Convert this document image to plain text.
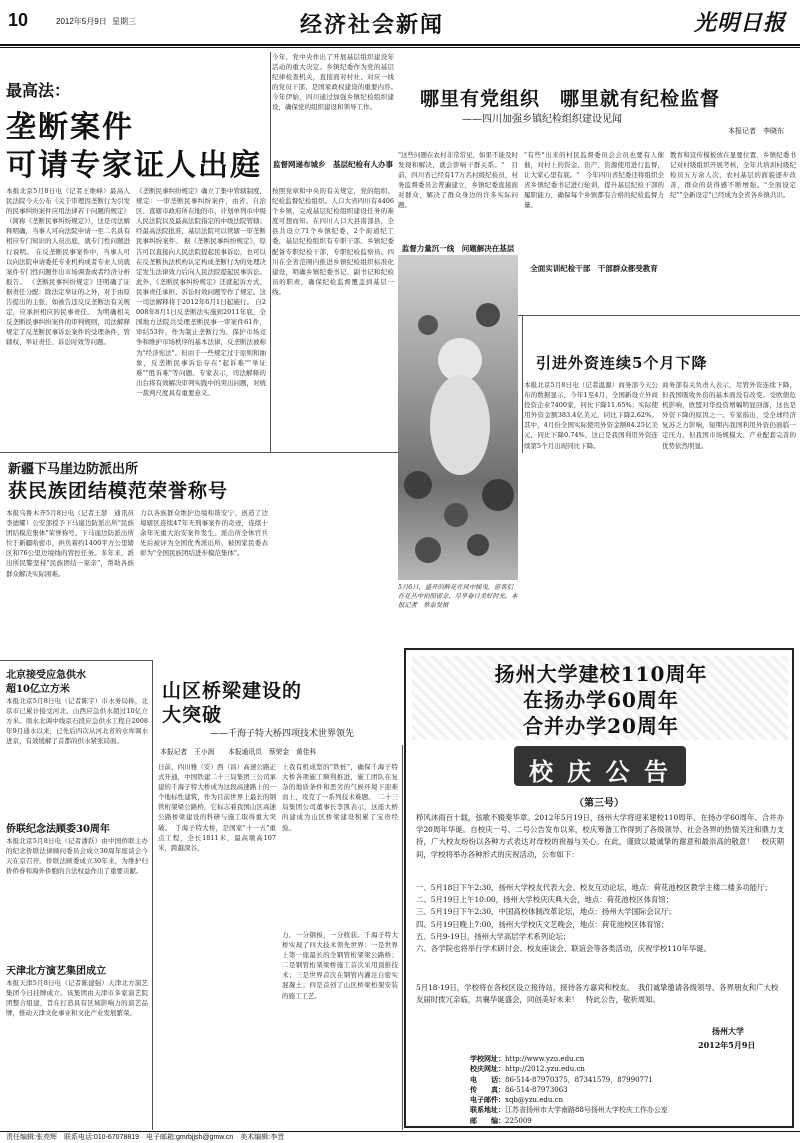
10	2012年5月9日 星期三	经济社会新闻	光明日报
今年，党中央作出了开展基层组织建设年活动的重大决定。乡镇纪委作为党的基层纪律检查机关，直接面对村社、对应一线的党员干部，是国家政权建设的重要内容。　今年伊始，四川通过加强乡镇纪检组织建设，确保党的组织建设和领导工作。
最高法：
垄断案件
可请专家证人出庭
本报北京5月8日电（记者王维峰）最高人民法院今天公布《关于审理因垄断行为引发的民事纠纷案件应用法律若干问题的规定》（简称《垄断民事纠纷规定》），这是司法解释明确，当事人可向法院申请一至二名具有相应专门知识的人员出庭，就专门性问题进行说明。 在反垄断民事案件中，当事人可以向法院申请委托专业机构或者专业人员就案件专门性问题作出市场调查或者经济分析报告。 《垄断民事纠纷规定》还明确了证据责任分配：除法定举证的之外，对于由原告提出的主张，如被告违反反垄断法有关规定，应承担相应的民事责任。 为明确相关反垄断民事纠纷案件的审判规则，司法解释规定了反垄断民事诉讼案件的受理条件、管辖权、举证责任、诉讼时效等问题。
《垄断民事纠纷规定》确立了集中管辖制度，规定：一审垄断民事纠纷案件，由省、自治区、直辖市政府所在地的市、计划单列市中级人民法院以及最高法院指定的中级法院管辖；经最高法院批准，基层法院可以管辖一审垄断民事纠纷案件。 据《垄断民事纠纷规定》，原告可以直接向人民法院提起民事诉讼，也可以在反垄断执法机构认定构成垄断行为的处理决定发生法律效力后向人民法院提起民事诉讼。 此外，《垄断民事纠纷规定》还就起诉方式、民事责任承担、诉讼时效问题等作了规定。这一司法解释将于2012年6月1日起施行。 自2008年8月1日反垄断法实施到2011年底，全国地方法院共受理垄断民事一审案件61件，审结53件，作为制止垄断行为、保护市场竞争和维护市场秩序的基本法律，反垄断法被称为"经济宪法"。但由于一些规定过于原则和抽象，反垄断民事诉讼存在"起诉难""举证难""胜诉难"等问题。专家表示，司法解释的出台将有效解决审判实践中的突出问题，对统一裁判尺度具有重要意义。
按照党章和中央的有关规定，党的组织、纪检监督纪检组织。人口大省四川有4406个乡镇，完成基层纪检组织建设任务的难度可想而知。在四川人口大县南部县，全县共设立71个乡镇纪委，2个街道纪工委，基层纪检组织有专职干部。乡镇纪委配备专职纪检干部，专职纪检监察员。四川在全省范围内推进乡镇纪检组织标准化建设，明确乡镇纪委书记、副书记和纪检员的职责，确保纪检监督覆盖到基层一线。
监督网递布城乡　基层纪检有人办事
监督力量沉一线　问题解决在基层
全面实训纪检干部　干部群众都受教育
哪里有党组织　哪里就有纪检监督
——四川加强乡镇纪检组织建设见闻
本报记者　李晓东
"这些问题在农村非常常见，如果不能及时发现和解决，就会影响干群关系。"　目前，四川省已经有17万名村级纪检员，村务监督委员会普遍建立，乡镇纪委直接面对群众，解决了群众身边的许多实际问题。
"有些"出来的村民监督委员会会员也要有人催催，对村上的资金、资产、资源使用进行监督，让大家心里有底。"　今年四川省纪委还将组织全省乡镇纪委书记进行轮训，提升基层纪检干部的履职能力，确保每个乡镇都有合格的纪检监督力量。
教育和宣传模板放在显要位置，乡镇纪委书记对村级组织开展考核，全年共培训村级纪检员五万余人次，农村基层的面貌逐步改善，群众的获得感不断增强。"全面设定纪""全新设定"已经成为全省各乡镇共识。
5月6日，盛开的鲜花在风中摇曳，游客们在花丛中拍照留念，尽享春日美好时光。本报记者　蔡泰发摄
引进外资连续5个月下降
本报北京5月8日电（记者温源）商务部今天公布的数据显示，今年1至4月，全国新设立外商投资企业7400家，同比下降11.65%；实际使用外资金额383.4亿美元，同比下降2.62%。其中，4月份全国实际使用外资金额84.25亿美元，同比下降0.74%，这已是我国利用外资连续第5个月出现同比下降。
商务部有关负责人表示，尽管外资连续下降，但我国吸收外资的基本面没有改变。受欧债危机影响，欧盟对华投资增幅明显回落，这也是外资下降的原因之一。专家指出，受全球经济复苏乏力影响，短期内我国利用外资仍面临一定压力，但我国市场规模大、产业配套完善的优势依然明显。
新疆下马崖边防派出所
获民族团结模范荣誉称号
本报乌鲁木齐5月8日电（记者王瑟　通讯员李德耀）公安部授予下马崖边防派出所"民族团结模范集体"荣誉称号。下马崖边防派出所位于新疆哈密市，担负着约1400平方公里辖区和76公里边境线的管控任务。多年来，派出所民警坚持"民族团结一家亲"，帮助各族群众解决实际困难。
力以各族群众维护边境和谐安宁、创造了边境辖区连续47年无刑事案件的奇迹，连续十余年无重大治安案件发生。派出所全体官兵先后被评为全国优秀派出所，被国家民委表彰为"全国民族团结进步模范集体"。
北京接受应急供水
超10亿立方米
本报北京5月8日电（记者陈宇）市水务局称，北京市已累计接受河北、山西应急供水超过10亿立方米。南水北调中线京石段应急供水工程自2008年9月通水以来，已先后四次从河北省的水库调水进京，有效缓解了首都的供水紧张局面。
侨联纪念法顾委30周年
本报北京5月8日电（记者潘跃）由中国侨联主办的纪念侨联法律顾问委员会成立30周年座谈会今天在京召开。侨联法顾委成立30年来，为维护归侨侨眷和海外侨胞的合法权益作出了重要贡献。
天津北方演艺集团成立
本报天津5月8日电（记者陈建强）天津北方演艺集团今日挂牌成立。该集团由天津市多家演艺院团整合组建，旨在打造具有区域影响力的演艺品牌，推动天津文化事业和文化产业发展繁荣。
山区桥梁建设的
大突破
——千海子特大桥四项技术世界领先
本报记者　王小润　　本报通讯员　蔡荣金　黄佳科
日前，四川雅（安）西（昌）高速公路正式开通，中国铁建二十三局集团三公司承建的千海子特大桥成为这段高速路上的一个地标性建筑，作为目前世界上最长的钢管桁架梁公路桥，它标志着我国山区高速公路桥梁建设的科研与施工取得重大突破。　千海子特大桥，是国家"十一五"重点工程，全长1811米，最高墩高107米，跨越深谷。
上我有机成型的"铁桩"，确保千海子特大桥各项施工顺利推进，施工团队在复杂的地质条件和恶劣的气候环境下迎难而上，攻克了一系列技术难题。　二十三局集团公司董事长李凯表示，这座大桥的建成为山区桥梁建设积累了宝贵经验。
力，一分钢板，一分收获。千海子特大桥实现了四大技术领先世界：一是世界上第一座最长的全钢管桁架梁公路桥；二是钢管桁架梁桥施工首次采用顶推技术；三是世界首次在钢管内灌注自密实混凝土；四是首创了山区桥梁桁架安装的施工工艺。
扬州大学建校110周年
在扬办学60周年
合并办学20周年
校 庆 公 告
（第三号）
栉风沐雨百十载，弦歌不辍奏华章。2012年5月19日，扬州大学将迎来建校110周年、在扬办学60周年、合并办学20周年华诞。自校庆一号、二号公告发布以来，校庆筹备工作得到了各级领导、社会各界的热情关注和鼎力支持，广大校友纷纷以各种方式表达对母校的祝福与关心。在此，谨致以最诚挚的谢意和最崇高的敬意！　校庆期间，学校将举办各种形式的庆祝活动，公布如下：
一、5月18日下午2:30，扬州大学校友代表大会、校友互动论坛，地点：荷花池校区教学主楼二楼多功能厅；
二、5月19日上午10:00，扬州大学校庆庆典大会，地点：荷花池校区体育馆；
三、5月19日下午2:30，中国高校体制改革论坛，地点：扬州大学国际会议厅；
四、5月19日晚上7:00，扬州大学校庆文艺晚会，地点：荷花池校区体育馆；
五、5月9-19日，扬州大学高层学术系列论坛；
六、各学院也将举行学术研讨会、校友座谈会、联谊会等各类活动，庆祝学校110年华诞。
5月18-19日，学校将在各校区设立接待站，接待各方嘉宾和校友。　我们诚挚邀请各级领导、各界朋友和广大校友届时拨冗亲临，共襄华诞盛会，同创美好未来！　特此公告，敬祈周知。
扬州大学
2012年5月9日
学校网址：http://www.yzu.edu.cn
校庆网址：http://2012.yzu.edu.cn
电　　话：86-514-87970375，87341579，87990771
传　　真：86-514-87973063
电子邮件：xqb@yzu.edu.cn
联系地址：江苏省扬州市大学南路88号扬州大学校庆工作办公室
邮　　编：225009
责任编辑:张亮辉　联系电话:010-67078819　电子邮箱:gmrbjjsh@gmw.cn　美术编辑:李晋
